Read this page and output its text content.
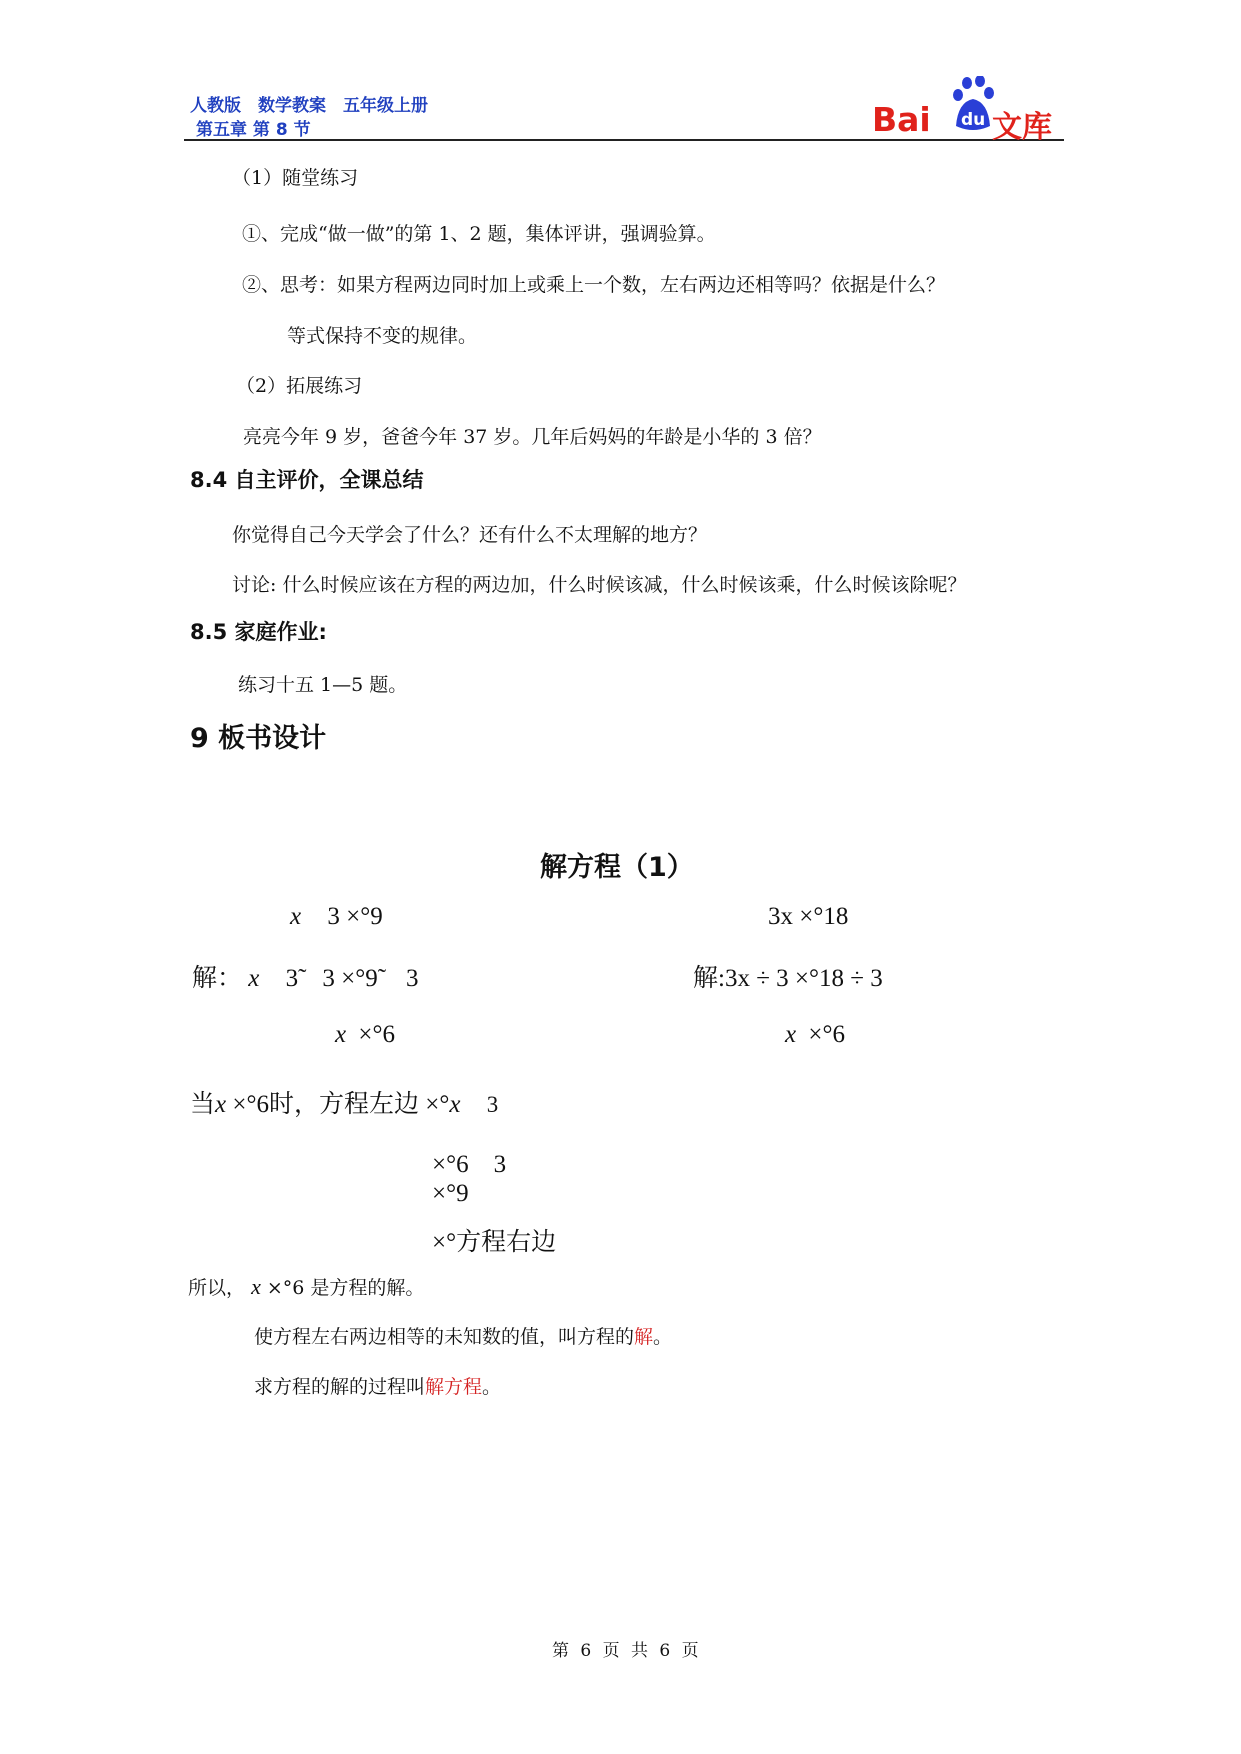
人教版　数学教案　五年级上册
第五章 第 8 节	Bai du 文库
（1）随堂练习
①、完成“做一做”的第 1、2 题，集体评讲，强调验算。
②、思考：如果方程两边同时加上或乘上一个数，左右两边还相等吗？依据是什么？
等式保持不变的规律。
（2）拓展练习
亮亮今年 9 岁，爸爸今年 37 岁。几年后妈妈的年龄是小华的 3 倍？
8.4 自主评价，全课总结
你觉得自己今天学会了什么？还有什么不太理解的地方？
讨论: 什么时候应该在方程的两边加，什么时候该减，什么时候该乘，什么时候该除呢？
8.5 家庭作业:
练习十五 1—5 题。
9 板书设计
解方程（1）
x 3 ×°9
解： x 3̃ 3 ×°9̃ 3
x ×°6
3x ×°18
解:3x ÷ 3 ×°18 ÷ 3
x ×°6
当x ×°6时，方程左边 ×°x 3
×°6　3
×°9
×°方程右边
所以， x ×°6 是方程的解。
使方程左右两边相等的未知数的值，叫方程的解。
求方程的解的过程叫解方程。
第 6 页 共 6 页
